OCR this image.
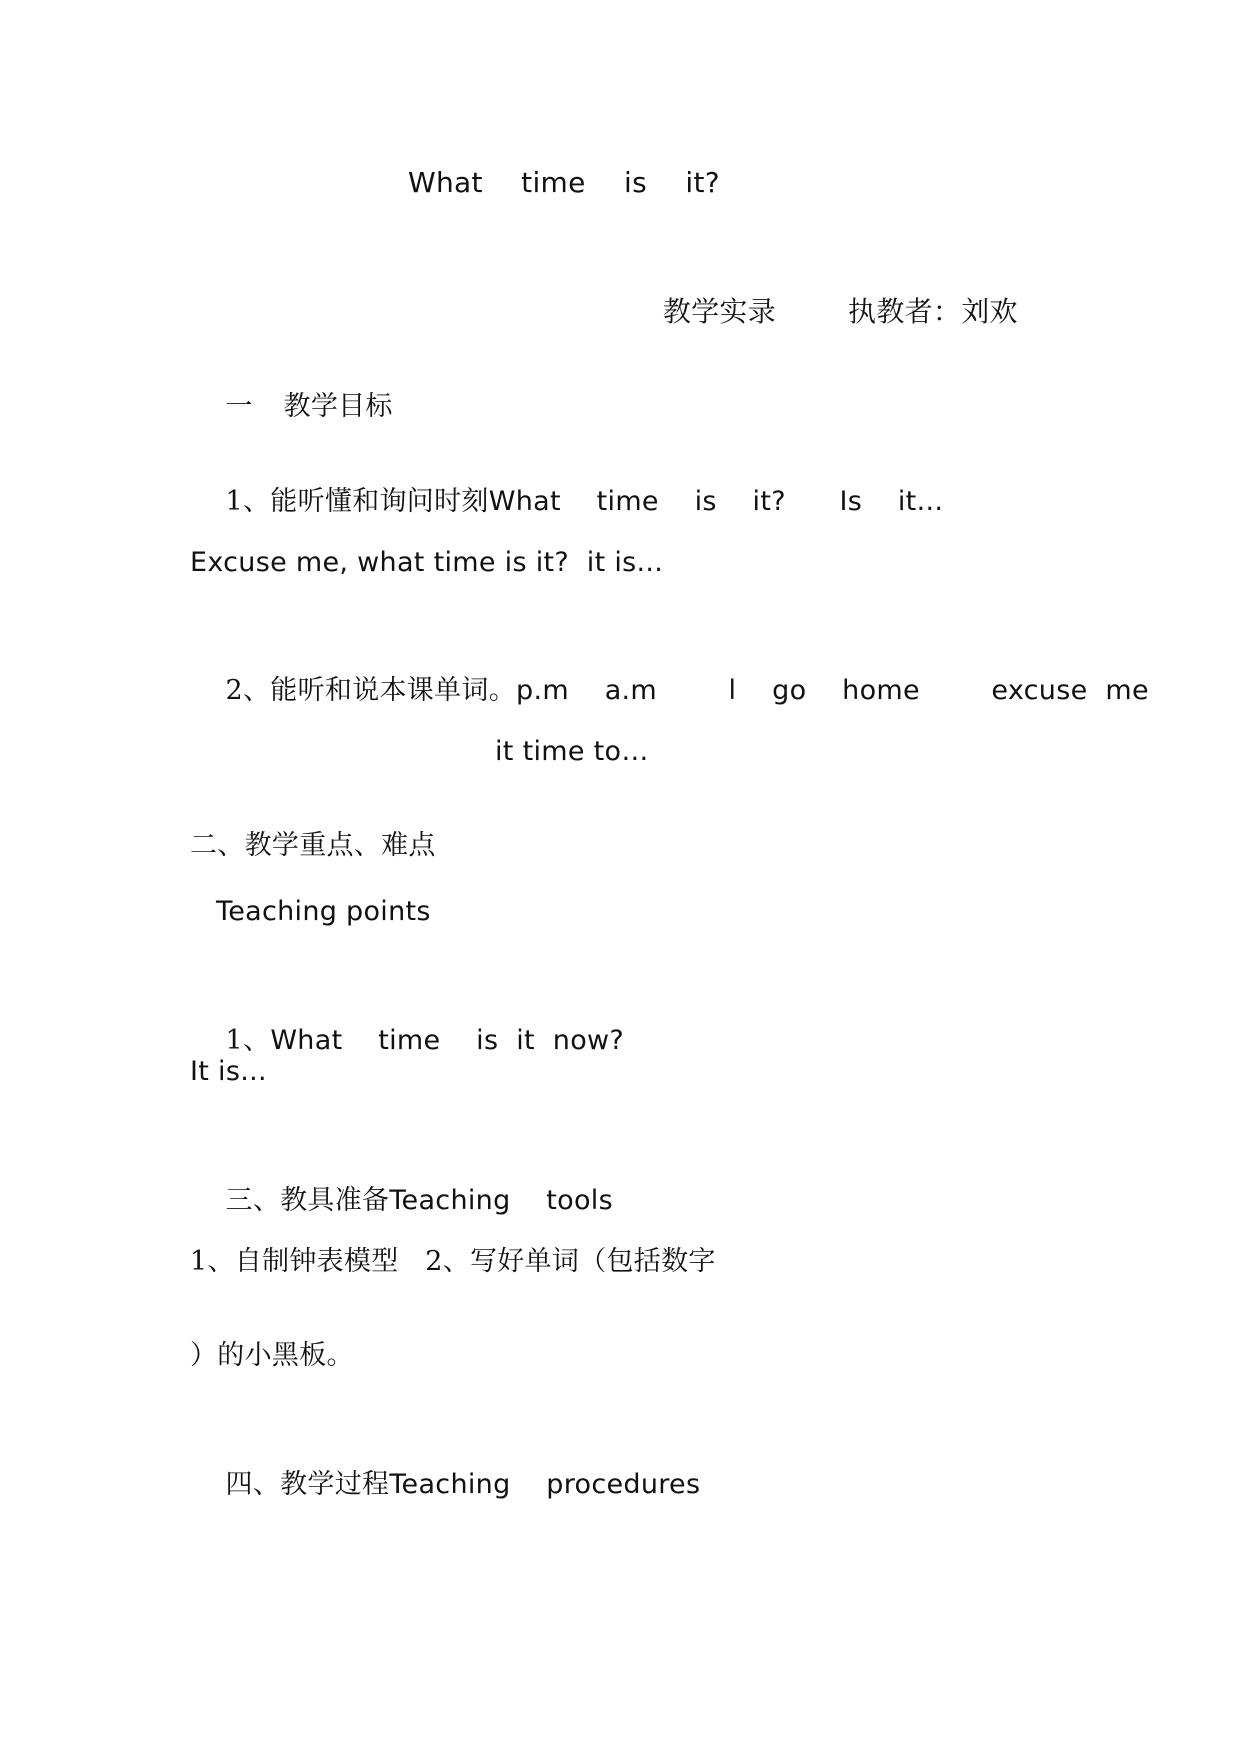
What  time  is  it?

教学实录	执教者：刘欢

一 教学目标

1、能听懂和询问时刻What  time  is  it?   Is  it...

Excuse me, what time is it?  it is...

2、能听和说本课单词。p.m  a.m    l  go  home    excuse me

it time to…
二、教学重点、难点
Teaching points

1、What  time  is it now?

It is...

三、教具准备Teaching  tools

1、自制钟表模型   2、写好单词（包括数字
）的小黑板。

四、教学过程Teaching  procedures
